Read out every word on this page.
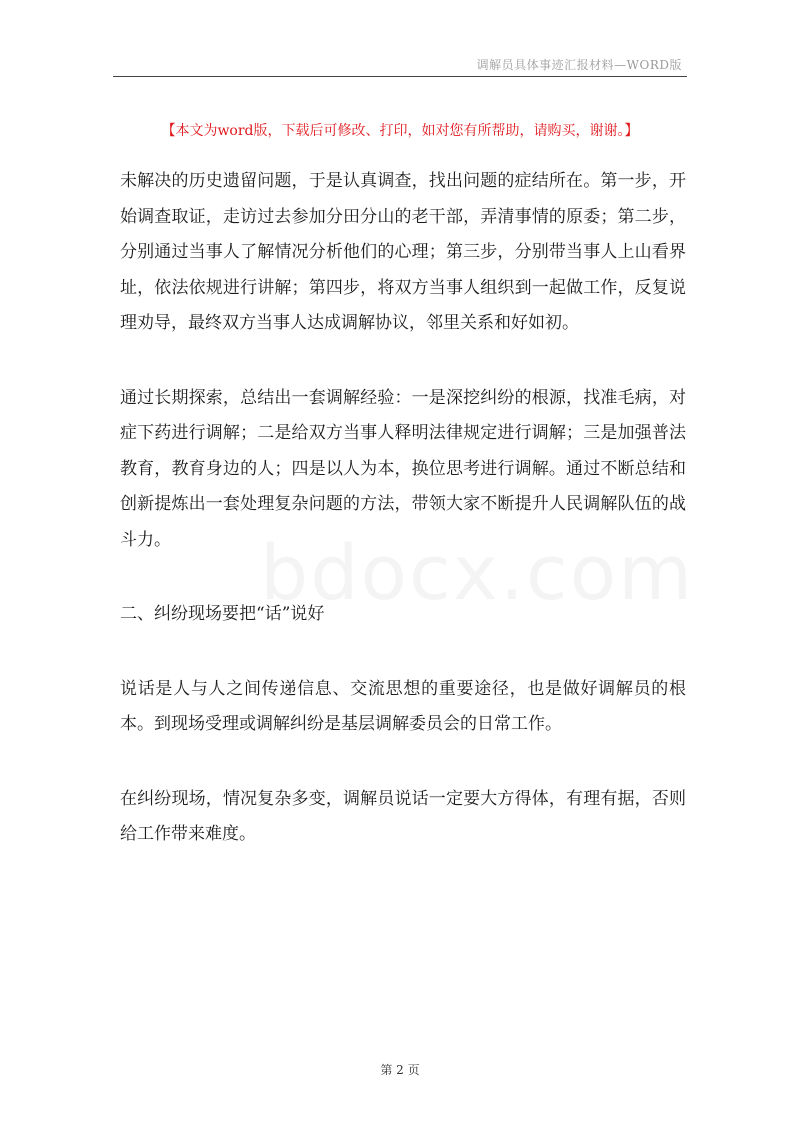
调解员具体事迹汇报材料—WORD版
【本文为word版，下载后可修改、打印，如对您有所帮助，请购买，谢谢。】

未解决的历史遗留问题，于是认真调查，找出问题的症结所在。第一步，开始调查取证，走访过去参加分田分山的老干部，弄清事情的原委；第二步，分别通过当事人了解情况分析他们的心理；第三步，分别带当事人上山看界址，依法依规进行讲解；第四步，将双方当事人组织到一起做工作，反复说理劝导，最终双方当事人达成调解协议，邻里关系和好如初。

通过长期探索，总结出一套调解经验：一是深挖纠纷的根源，找准毛病，对症下药进行调解；二是给双方当事人释明法律规定进行调解；三是加强普法教育，教育身边的人；四是以人为本，换位思考进行调解。通过不断总结和创新提炼出一套处理复杂问题的方法，带领大家不断提升人民调解队伍的战斗力。

二、纠纷现场要把“话”说好

说话是人与人之间传递信息、交流思想的重要途径，也是做好调解员的根本。到现场受理或调解纠纷是基层调解委员会的日常工作。

在纠纷现场，情况复杂多变，调解员说话一定要大方得体，有理有据，否则给工作带来难度。

第 2 页
